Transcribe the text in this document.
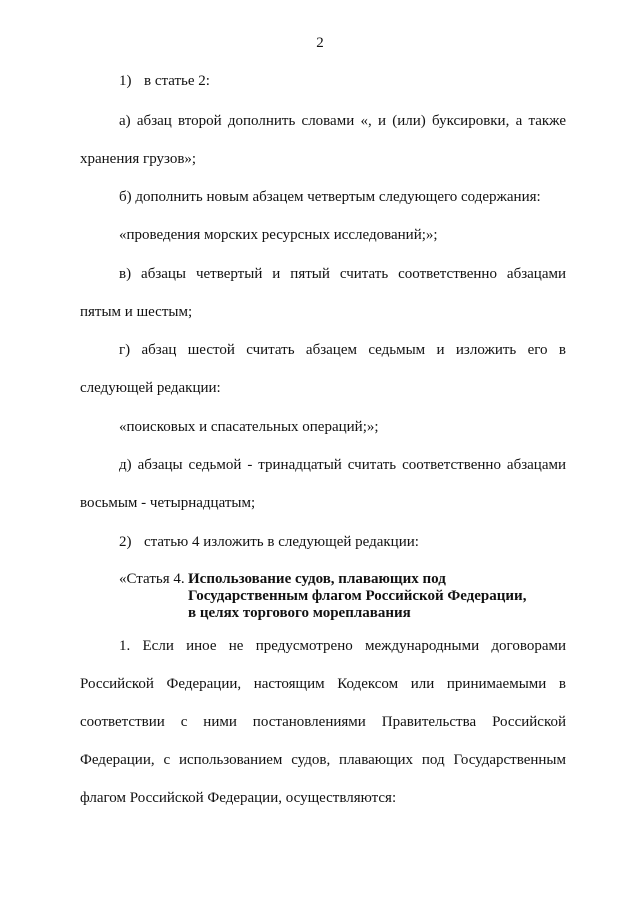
2
1) в статье 2:
а) абзац второй дополнить словами «, и (или) буксировки, а также
хранения грузов»;
б) дополнить новым абзацем четвертым следующего содержания:
«проведения морских ресурсных исследований;»;
в) абзацы четвертый и пятый считать соответственно абзацами
пятым и шестым;
г) абзац шестой считать абзацем седьмым и изложить его в
следующей редакции:
«поисковых и спасательных операций;»;
д) абзацы седьмой - тринадцатый считать соответственно абзацами
восьмым - четырнадцатым;
2) статью 4 изложить в следующей редакции:
«Статья 4. Использование судов, плавающих под
Государственным флагом Российской Федерации,
в целях торгового мореплавания
1. Если иное не предусмотрено международными договорами
Российской Федерации, настоящим Кодексом или принимаемыми в
соответствии с ними постановлениями Правительства Российской
Федерации, с использованием судов, плавающих под Государственным
флагом Российской Федерации, осуществляются:
